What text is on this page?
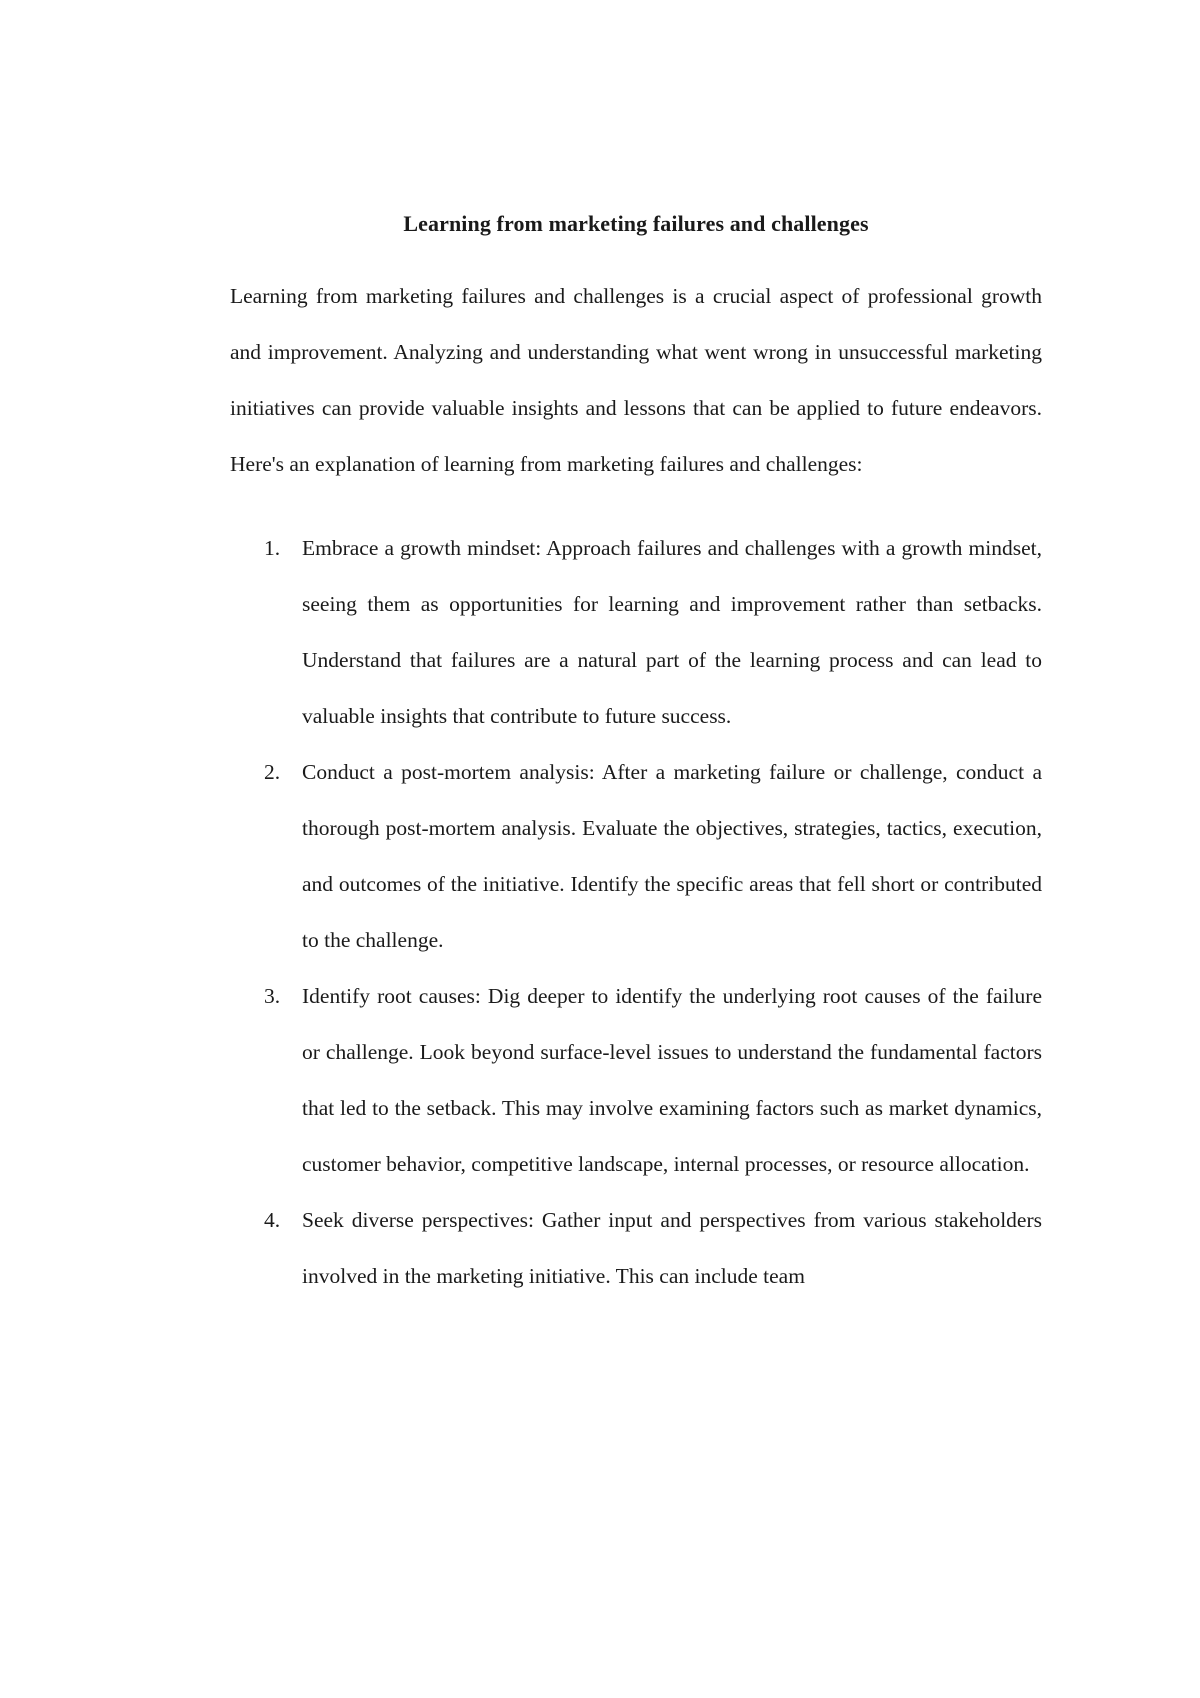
Learning from marketing failures and challenges

Learning from marketing failures and challenges is a crucial aspect of professional growth and improvement. Analyzing and understanding what went wrong in unsuccessful marketing initiatives can provide valuable insights and lessons that can be applied to future endeavors. Here's an explanation of learning from marketing failures and challenges:

1.	Embrace a growth mindset: Approach failures and challenges with a growth mindset, seeing them as opportunities for learning and improvement rather than setbacks. Understand that failures are a natural part of the learning process and can lead to valuable insights that contribute to future success.
2.	Conduct a post-mortem analysis: After a marketing failure or challenge, conduct a thorough post-mortem analysis. Evaluate the objectives, strategies, tactics, execution, and outcomes of the initiative. Identify the specific areas that fell short or contributed to the challenge.
3.	Identify root causes: Dig deeper to identify the underlying root causes of the failure or challenge. Look beyond surface-level issues to understand the fundamental factors that led to the setback. This may involve examining factors such as market dynamics, customer behavior, competitive landscape, internal processes, or resource allocation.
4.	Seek diverse perspectives: Gather input and perspectives from various stakeholders involved in the marketing initiative. This can include team
